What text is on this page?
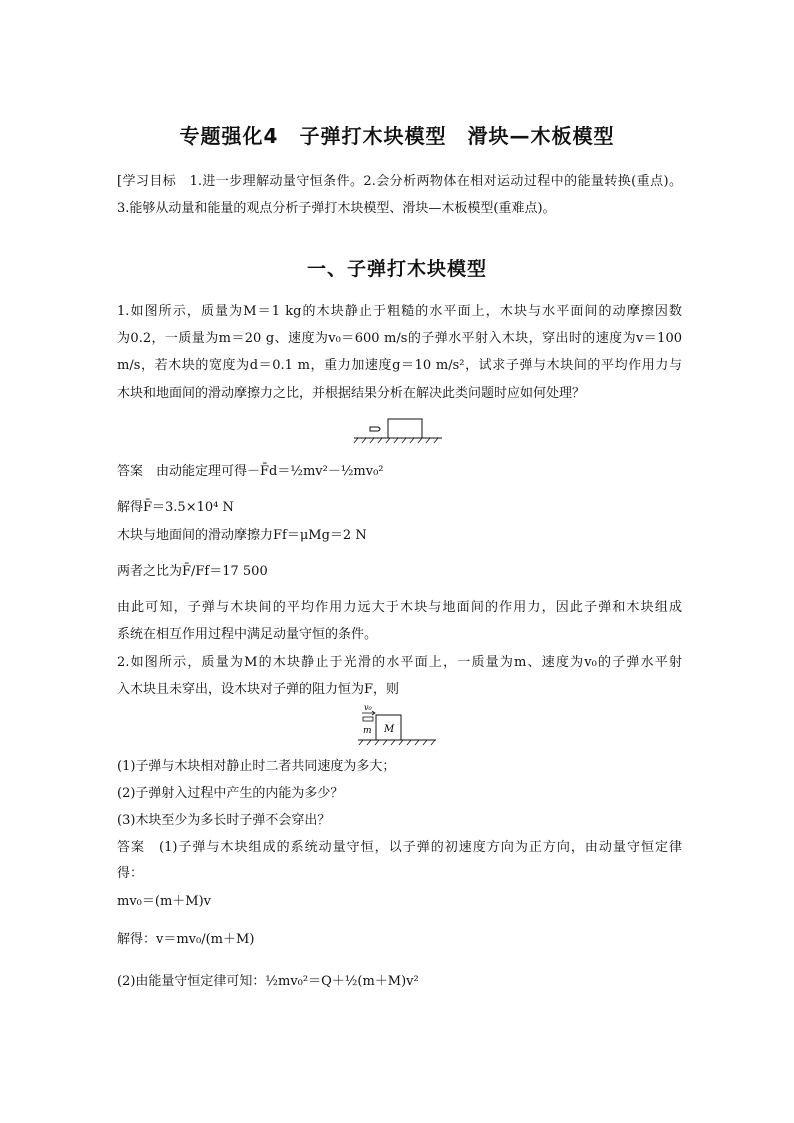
专题强化4　子弹打木块模型　滑块—木板模型
[学习目标　1.进一步理解动量守恒条件。2.会分析两物体在相对运动过程中的能量转换(重点)。
3.能够从动量和能量的观点分析子弹打木块模型、滑块—木板模型(重难点)。
一、子弹打木块模型
1.如图所示，质量为M＝1 kg的木块静止于粗糙的水平面上，木块与水平面间的动摩擦因数
为0.2，一质量为m＝20 g、速度为v₀＝600 m/s的子弹水平射入木块，穿出时的速度为v＝100
m/s，若木块的宽度为d＝0.1 m，重力加速度g＝10 m/s²，试求子弹与木块间的平均作用力与
木块和地面间的滑动摩擦力之比，并根据结果分析在解决此类问题时应如何处理？
答案　由动能定理可得－F̄d＝½mv²－½mv₀²
解得F̄＝3.5×10⁴ N
木块与地面间的滑动摩擦力Ff＝μMg＝2 N
两者之比为F̄/Ff＝17 500
由此可知，子弹与木块间的平均作用力远大于木块与地面间的作用力，因此子弹和木块组成
系统在相互作用过程中满足动量守恒的条件。
2.如图所示，质量为M的木块静止于光滑的水平面上，一质量为m、速度为v₀的子弹水平射
入木块且未穿出，设木块对子弹的阻力恒为F，则
v₀
m M
(1)子弹与木块相对静止时二者共同速度为多大；
(2)子弹射入过程中产生的内能为多少？
(3)木块至少为多长时子弹不会穿出？
答案　(1)子弹与木块组成的系统动量守恒，以子弹的初速度方向为正方向，由动量守恒定律
得：
mv₀＝(m＋M)v
解得：v＝mv₀/(m＋M)
(2)由能量守恒定律可知：½mv₀²＝Q＋½(m＋M)v²
